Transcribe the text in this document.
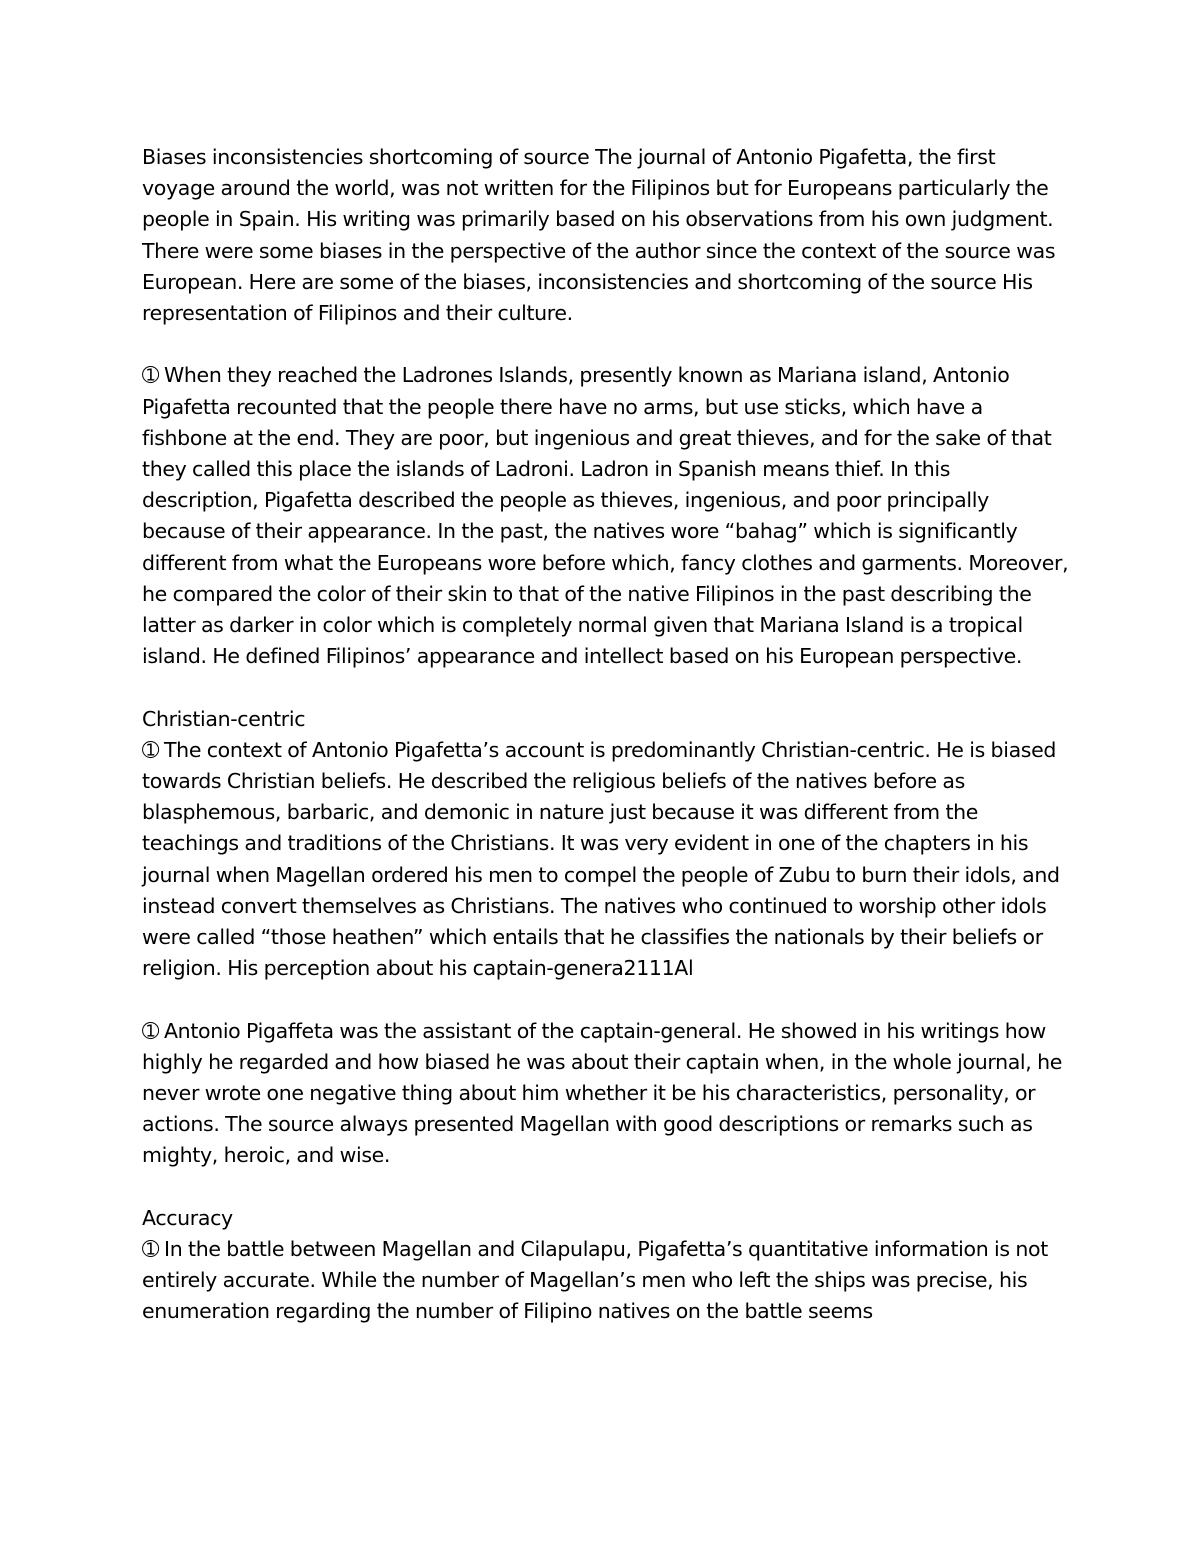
Biases inconsistencies shortcoming of source The journal of Antonio Pigafetta, the first voyage around the world, was not written for the Filipinos but for Europeans particularly the people in Spain. His writing was primarily based on his observations from his own judgment. There were some biases in the perspective of the author since the context of the source was European. Here are some of the biases, inconsistencies and shortcoming of the source His representation of Filipinos and their culture.

➀ When they reached the Ladrones Islands, presently known as Mariana island, Antonio Pigafetta recounted that the people there have no arms, but use sticks, which have a fishbone at the end. They are poor, but ingenious and great thieves, and for the sake of that they called this place the islands of Ladroni. Ladron in Spanish means thief. In this description, Pigafetta described the people as thieves, ingenious, and poor principally because of their appearance. In the past, the natives wore “bahag” which is significantly different from what the Europeans wore before which, fancy clothes and garments. Moreover, he compared the color of their skin to that of the native Filipinos in the past describing the latter as darker in color which is completely normal given that Mariana Island is a tropical island. He defined Filipinos’ appearance and intellect based on his European perspective.

Christian-centric

➀ The context of Antonio Pigafetta’s account is predominantly Christian-centric. He is biased towards Christian beliefs. He described the religious beliefs of the natives before as blasphemous, barbaric, and demonic in nature just because it was different from the teachings and traditions of the Christians. It was very evident in one of the chapters in his journal when Magellan ordered his men to compel the people of Zubu to burn their idols, and instead convert themselves as Christians. The natives who continued to worship other idols were called “those heathen” which entails that he classifies the nationals by their beliefs or religion. His perception about his captain-genera2111Al

➀ Antonio Pigaffeta was the assistant of the captain-general. He showed in his writings how highly he regarded and how biased he was about their captain when, in the whole journal, he never wrote one negative thing about him whether it be his characteristics, personality, or actions. The source always presented Magellan with good descriptions or remarks such as mighty, heroic, and wise.

Accuracy

➀ In the battle between Magellan and Cilapulapu, Pigafetta’s quantitative information is not entirely accurate. While the number of Magellan’s men who left the ships was precise, his enumeration regarding the number of Filipino natives on the battle seems
